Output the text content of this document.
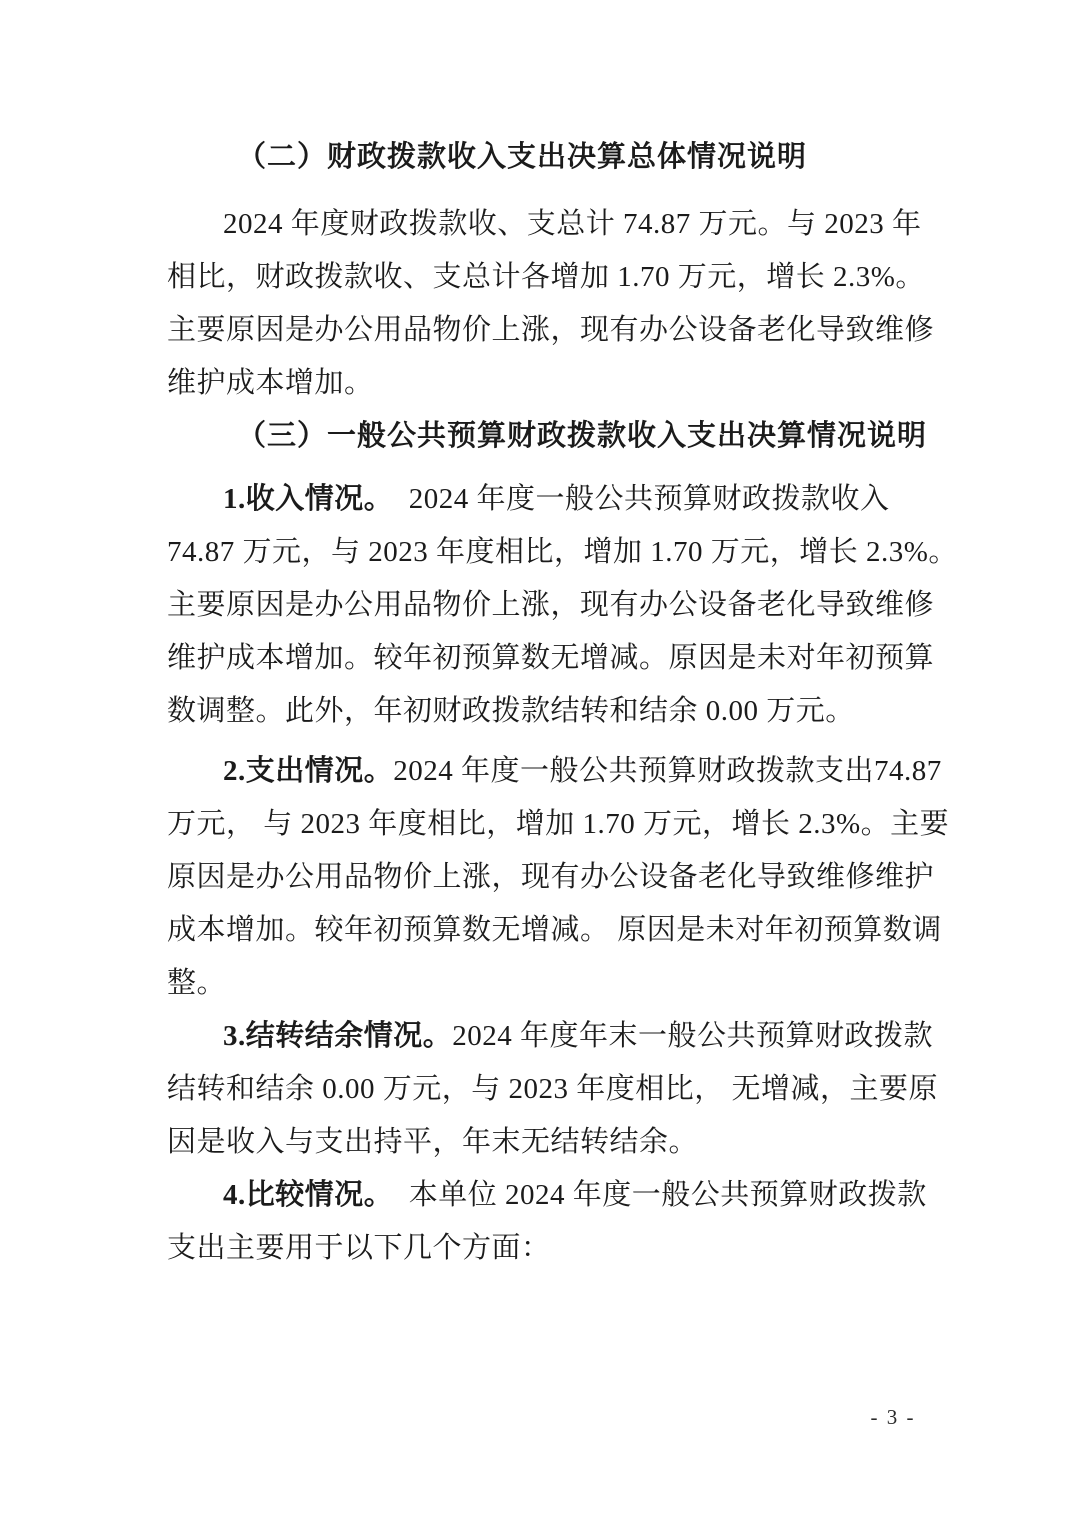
（二）财政拨款收入支出决算总体情况说明
2024 年度财政拨款收、支总计 74.87 万元。与 2023 年
相比，财政拨款收、支总计各增加 1.70 万元，增长 2.3%。
主要原因是办公用品物价上涨，现有办公设备老化导致维修
维护成本增加。
（三）一般公共预算财政拨款收入支出决算情况说明
1.收入情况。  2024 年度一般公共预算财政拨款收入
74.87 万元，与 2023 年度相比，增加 1.70 万元，增长 2.3%。
主要原因是办公用品物价上涨，现有办公设备老化导致维修
维护成本增加。较年初预算数无增减。原因是未对年初预算
数调整。此外，年初财政拨款结转和结余 0.00 万元。
2.支出情况。2024 年度一般公共预算财政拨款支出74.87
万元， 与 2023 年度相比，增加 1.70 万元，增长 2.3%。主要
原因是办公用品物价上涨，现有办公设备老化导致维修维护
成本增加。较年初预算数无增减。 原因是未对年初预算数调
整。
3.结转结余情况。2024 年度年末一般公共预算财政拨款
结转和结余 0.00 万元，与 2023 年度相比， 无增减，主要原
因是收入与支出持平，年末无结转结余。
4.比较情况。  本单位 2024 年度一般公共预算财政拨款
支出主要用于以下几个方面：
- 3 -
